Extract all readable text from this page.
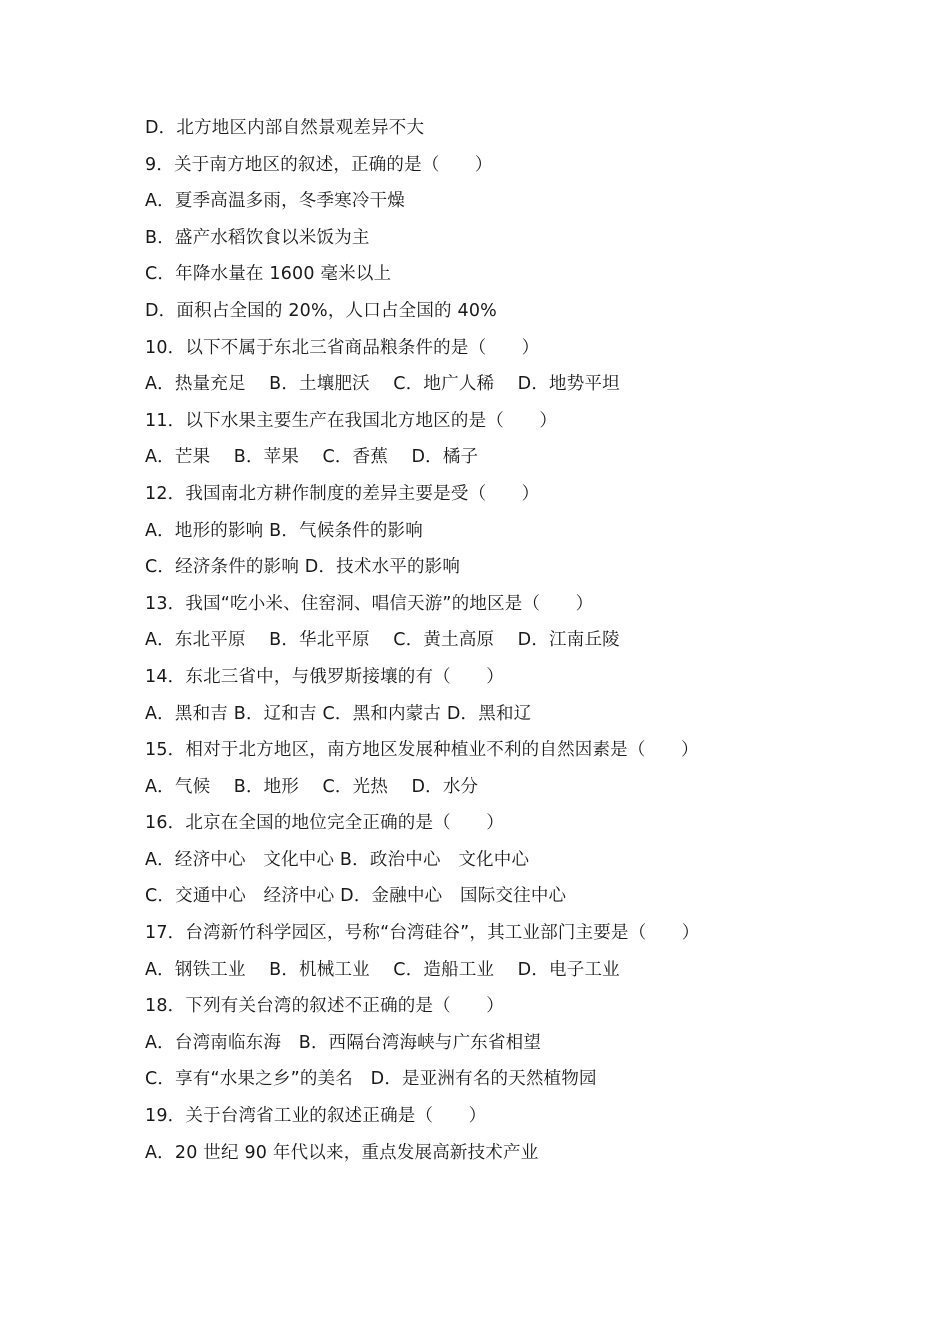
D．北方地区内部自然景观差异不大
9．关于南方地区的叙述，正确的是（　　）
A．夏季高温多雨，冬季寒冷干燥
B．盛产水稻饮食以米饭为主
C．年降水量在 1600 毫米以上
D．面积占全国的 20%，人口占全国的 40%
10．以下不属于东北三省商品粮条件的是（　　）
A．热量充足　 B．土壤肥沃　 C．地广人稀　 D．地势平坦
11．以下水果主要生产在我国北方地区的是（　　）
A．芒果　 B．苹果　 C．香蕉　 D．橘子
12．我国南北方耕作制度的差异主要是受（　　）
A．地形的影响 B．气候条件的影响
C．经济条件的影响 D．技术水平的影响
13．我国“吃小米、住窑洞、唱信天游”的地区是（　　）
A．东北平原　 B．华北平原　 C．黄土高原　 D．江南丘陵
14．东北三省中，与俄罗斯接壤的有（　　）
A．黑和吉 B．辽和吉 C．黑和内蒙古 D．黑和辽
15．相对于北方地区，南方地区发展种植业不利的自然因素是（　　）
A．气候　 B．地形　 C．光热　 D．水分
16．北京在全国的地位完全正确的是（　　）
A．经济中心　文化中心 B．政治中心　文化中心
C．交通中心　经济中心 D．金融中心　国际交往中心
17．台湾新竹科学园区，号称“台湾硅谷”，其工业部门主要是（　　）
A．钢铁工业　 B．机械工业　 C．造船工业　 D．电子工业
18．下列有关台湾的叙述不正确的是（　　）
A．台湾南临东海　B．西隔台湾海峡与广东省相望
C．享有“水果之乡”的美名　D．是亚洲有名的天然植物园
19．关于台湾省工业的叙述正确是（　　）
A．20 世纪 90 年代以来，重点发展高新技术产业
